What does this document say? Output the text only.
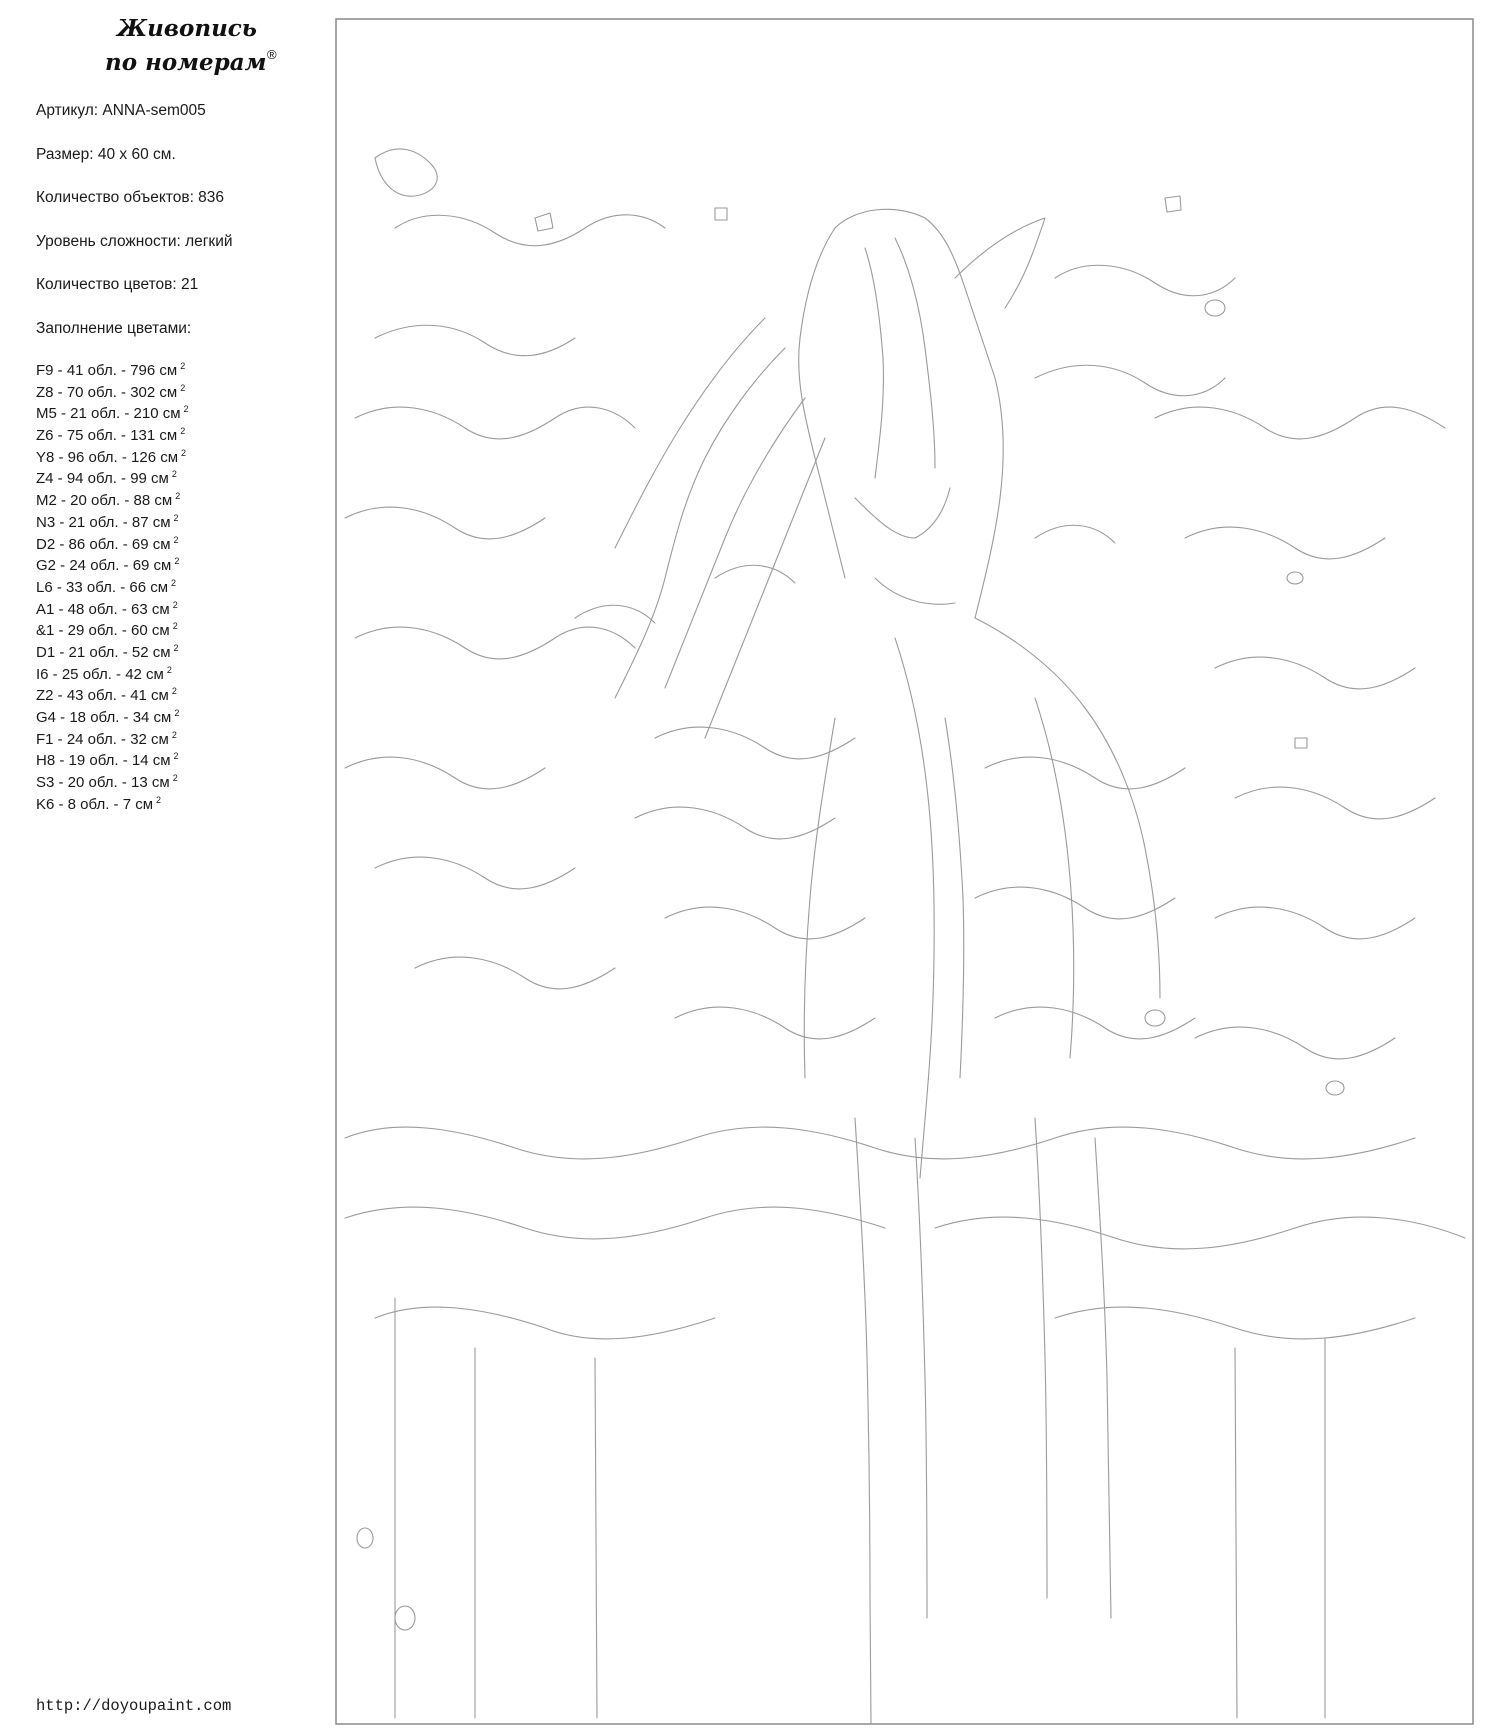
Живопись
по номерам ®
Артикул: ANNA-sem005
Размер: 40 x 60 см.
Количество объектов: 836
Уровень сложности: легкий
Количество цветов: 21
Заполнение цветами:
F9 - 41 обл. - 796 см $^2$
Z8 - 70 обл. - 302 см $^2$
M5 - 21 обл. - 210 см $^2$
Z6 - 75 обл. - 131 см $^2$
Y8 - 96 обл. - 126 см $^2$
Z4 - 94 обл. - 99 см $^2$
M2 - 20 обл. - 88 см $^2$
N3 - 21 обл. - 87 см $^2$
D2 - 86 обл. - 69 см $^2$
G2 - 24 обл. - 69 см $^2$
L6 - 33 обл. - 66 см $^2$
A1 - 48 обл. - 63 см $^2$
&1 - 29 обл. - 60 см $^2$
D1 - 21 обл. - 52 см $^2$
I6 - 25 обл. - 42 см $^2$
Z2 - 43 обл. - 41 см $^2$
G4 - 18 обл. - 34 см $^2$
F1 - 24 обл. - 32 см $^2$
H8 - 19 обл. - 14 см $^2$
S3 - 20 обл. - 13 см $^2$
K6 - 8 обл. - 7 см $^2$
http://doyoupaint.com
